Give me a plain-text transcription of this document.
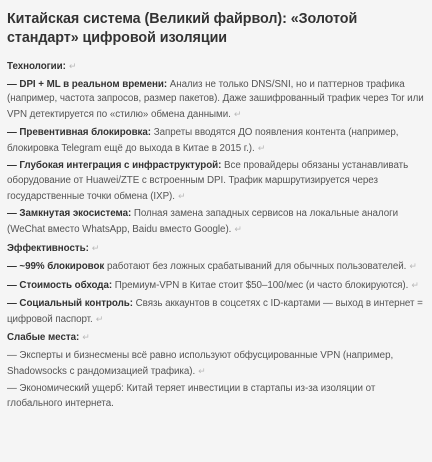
Китайская система (Великий файрвол): «Золотой стандарт» цифровой изоляции

Технологии: ↵

— DPI + ML в реальном времени: Анализ не только DNS/SNI, но и паттернов трафика (например, частота запросов, размер пакетов). Даже зашифрованный трафик через Tor или VPN детектируется по «стилю» обмена данными. ↵

— Превентивная блокировка: Запреты вводятся ДО появления контента (например, блокировка Telegram ещё до выхода в Китае в 2015 г.). ↵

— Глубокая интеграция с инфраструктурой: Все провайдеры обязаны устанавливать оборудование от Huawei/ZTE с встроенным DPI. Трафик маршрутизируется через государственные точки обмена (IXP). ↵

— Замкнутая экосистема: Полная замена западных сервисов на локальные аналоги (WeChat вместо WhatsApp, Baidu вместо Google). ↵

Эффективность: ↵

— ~99% блокировок работают без ложных срабатываний для обычных пользователей. ↵

— Стоимость обхода: Премиум-VPN в Китае стоит $50–100/мес (и часто блокируются). ↵

— Социальный контроль: Связь аккаунтов в соцсетях с ID-картами — выход в интернет = цифровой паспорт. ↵

Слабые места: ↵

— Эксперты и бизнесмены всё равно используют обфусцированные VPN (например, Shadowsocks с рандомизацией трафика). ↵

— Экономический ущерб: Китай теряет инвестиции в стартапы из-за изоляции от глобального интернета.
